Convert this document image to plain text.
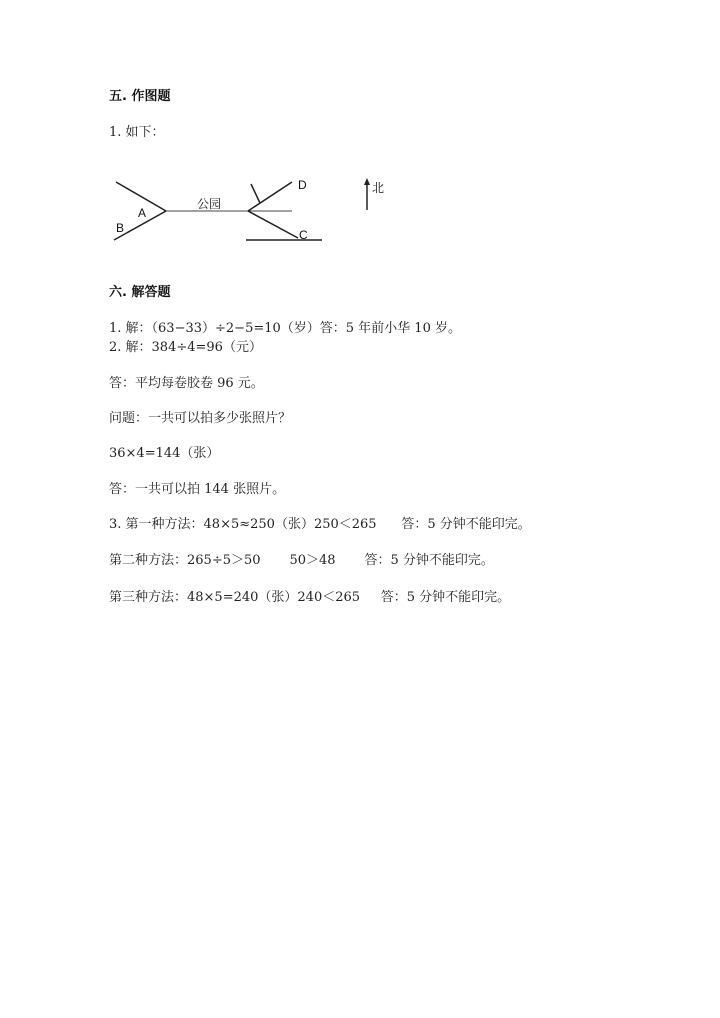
五. 作图题
1. 如下：
A
B
公园
D
C
北
六. 解答题
1. 解：（63−33）÷2−5=10（岁）答：5 年前小华 10 岁。
2. 解：384÷4=96（元）
答：平均每卷胶卷 96 元。
问题：一共可以拍多少张照片？
36×4=144（张）
答：一共可以拍 144 张照片。
3. 第一种方法：48×5≈250（张）250＜265      答：5 分钟不能印完。
第二种方法：265÷5＞50       50＞48       答：5 分钟不能印完。
第三种方法：48×5=240（张）240＜265     答：5 分钟不能印完。
